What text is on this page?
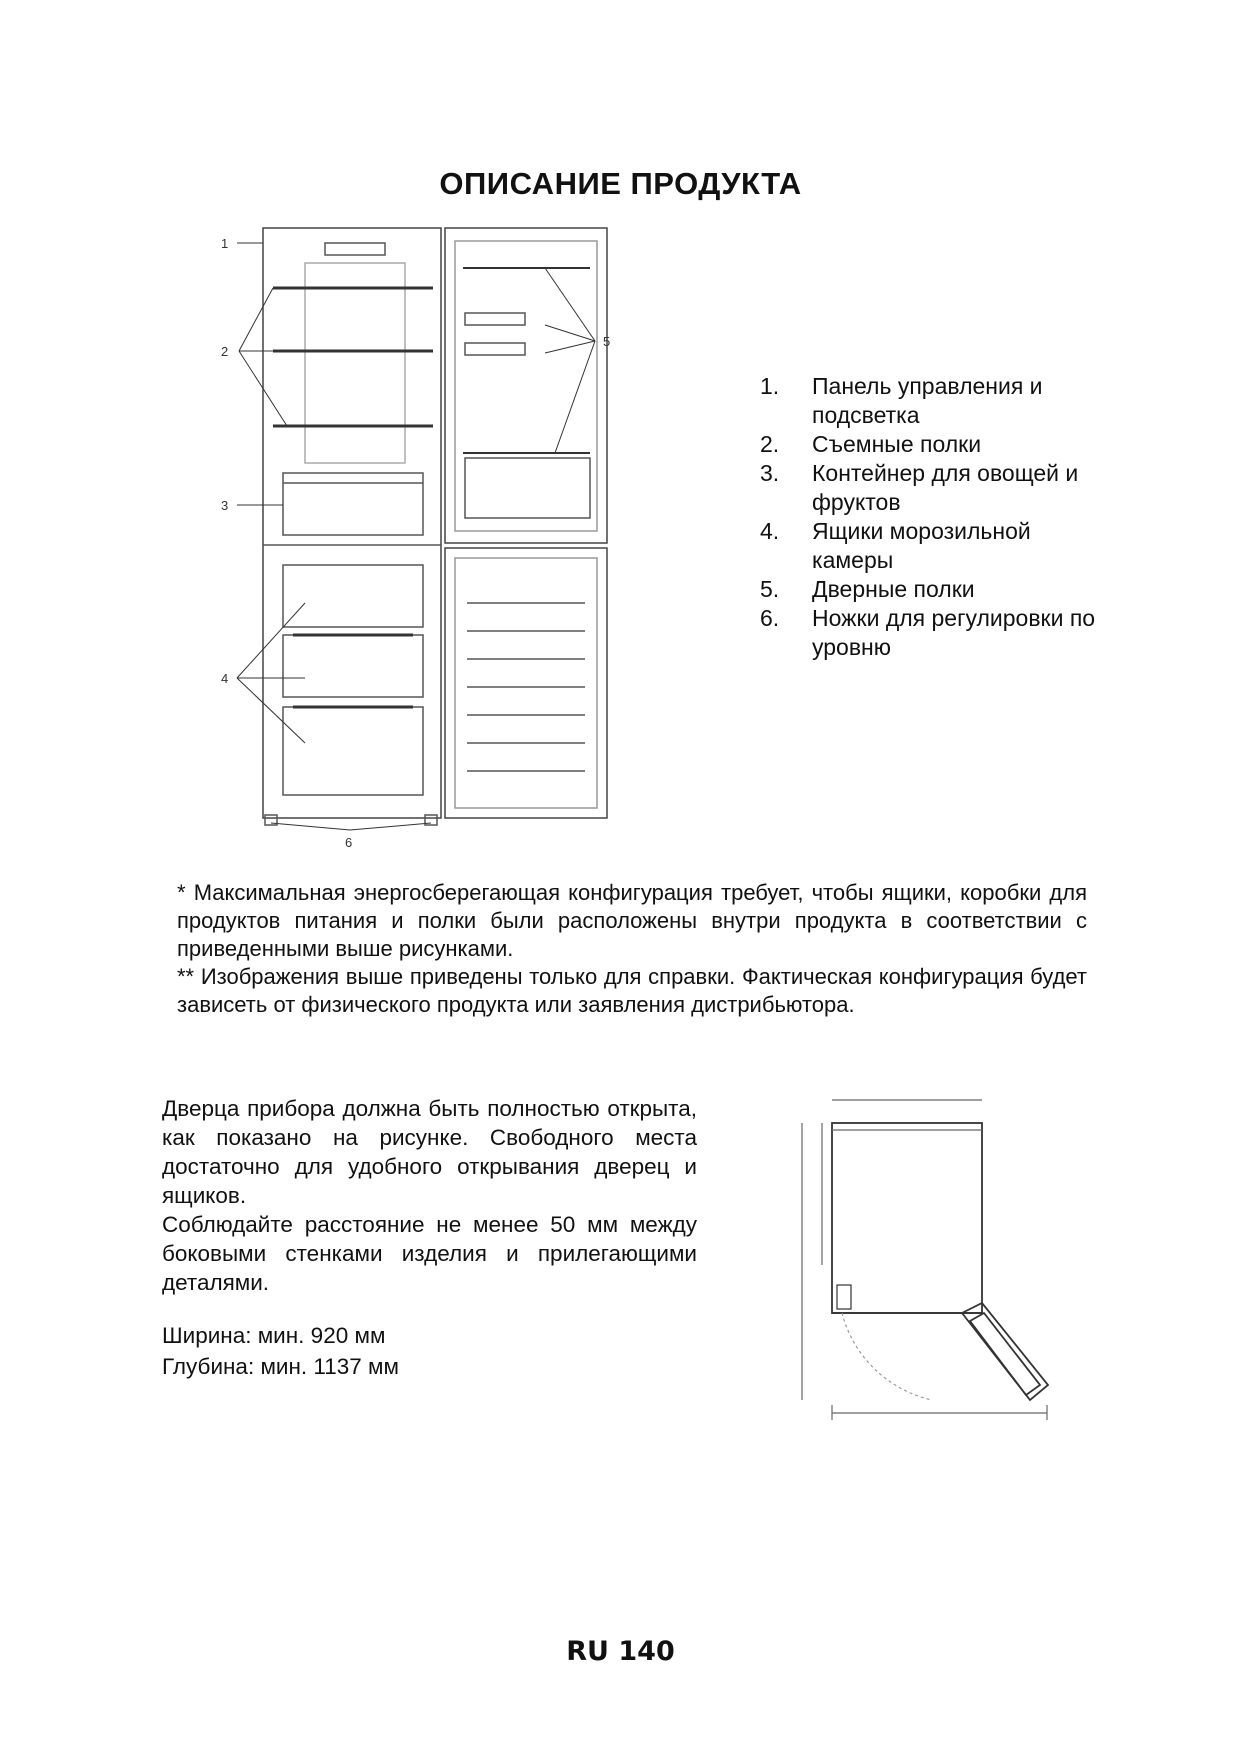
ОПИСАНИЕ ПРОДУКТА
1
2
3
4
5
6
1. Панель управления и подсветка
2. Съемные полки
3. Контейнер для овощей и фруктов
4. Ящики морозильной камеры
5. Дверные полки
6. Ножки для регулировки по уровню

* Максимальная энергосберегающая конфигурация требует, чтобы ящики, коробки для продуктов питания и полки были расположены внутри продукта в соответствии с приведенными выше рисунками.

** Изображения выше приведены только для справки. Фактическая конфигурация будет зависеть от физического продукта или заявления дистрибьютора.

Дверца прибора должна быть полностью открыта, как показано на рисунке. Свободного места достаточно для удобного открывания дверец и ящиков.

Соблюдайте расстояние не менее 50 мм между боковыми стенками изделия и прилегающими деталями.

Ширина: мин. 920 мм
Глубина: мин. 1137 мм
RU 140
